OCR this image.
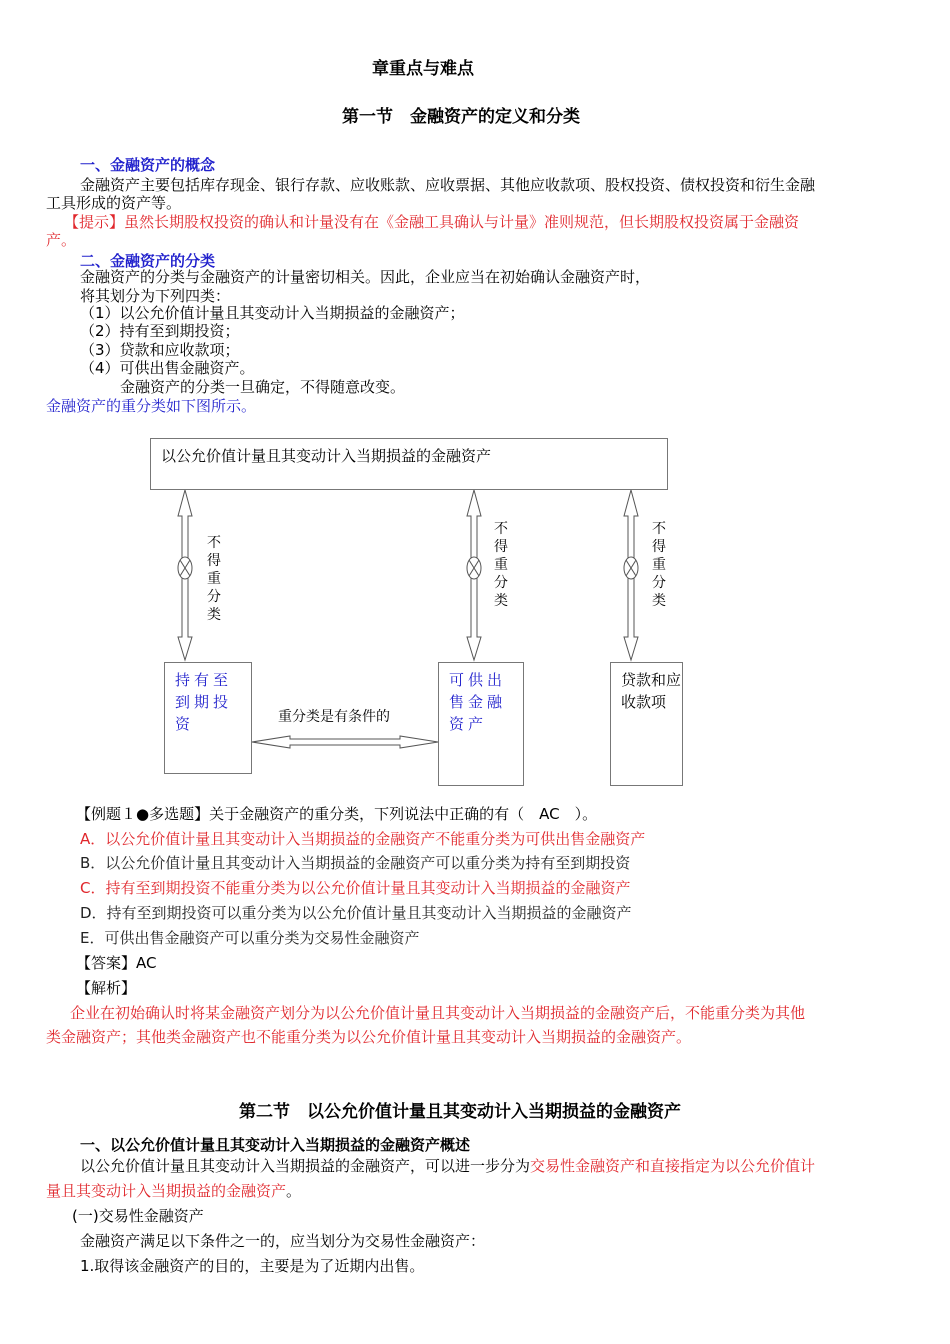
章重点与难点
第一节　金融资产的定义和分类
一、金融资产的概念
金融资产主要包括库存现金、银行存款、应收账款、应收票据、其他应收款项、股权投资、债权投资和衍生金融
工具形成的资产等。
【提示】虽然长期股权投资的确认和计量没有在《金融工具确认与计量》准则规范，但长期股权投资属于金融资
产。
二、金融资产的分类
金融资产的分类与金融资产的计量密切相关。因此，企业应当在初始确认金融资产时，
将其划分为下列四类：
（1）以公允价值计量且其变动计入当期损益的金融资产；
（2）持有至到期投资；
（3）贷款和应收款项；
（4）可供出售金融资产。
金融资产的分类一旦确定，不得随意改变。
金融资产的重分类如下图所示。
以公允价值计量且其变动计入当期损益的金融资产
不得重分类
不得重分类
不得重分类
持有至到期投资
可供出售金融资产
贷款和应收款项
重分类是有条件的
【例题１●多选题】关于金融资产的重分类，下列说法中正确的有（　AC　）。
A．以公允价值计量且其变动计入当期损益的金融资产不能重分类为可供出售金融资产
B．以公允价值计量且其变动计入当期损益的金融资产可以重分类为持有至到期投资
C．持有至到期投资不能重分类为以公允价值计量且其变动计入当期损益的金融资产
D．持有至到期投资可以重分类为以公允价值计量且其变动计入当期损益的金融资产
E．可供出售金融资产可以重分类为交易性金融资产
【答案】AC
【解析】
企业在初始确认时将某金融资产划分为以公允价值计量且其变动计入当期损益的金融资产后，不能重分类为其他
类金融资产；其他类金融资产也不能重分类为以公允价值计量且其变动计入当期损益的金融资产。
第二节　以公允价值计量且其变动计入当期损益的金融资产
一、以公允价值计量且其变动计入当期损益的金融资产概述
以公允价值计量且其变动计入当期损益的金融资产，可以进一步分为交易性金融资产和直接指定为以公允价值计
量且其变动计入当期损益的金融资产。
(一)交易性金融资产
金融资产满足以下条件之一的，应当划分为交易性金融资产：
1.取得该金融资产的目的，主要是为了近期内出售。
